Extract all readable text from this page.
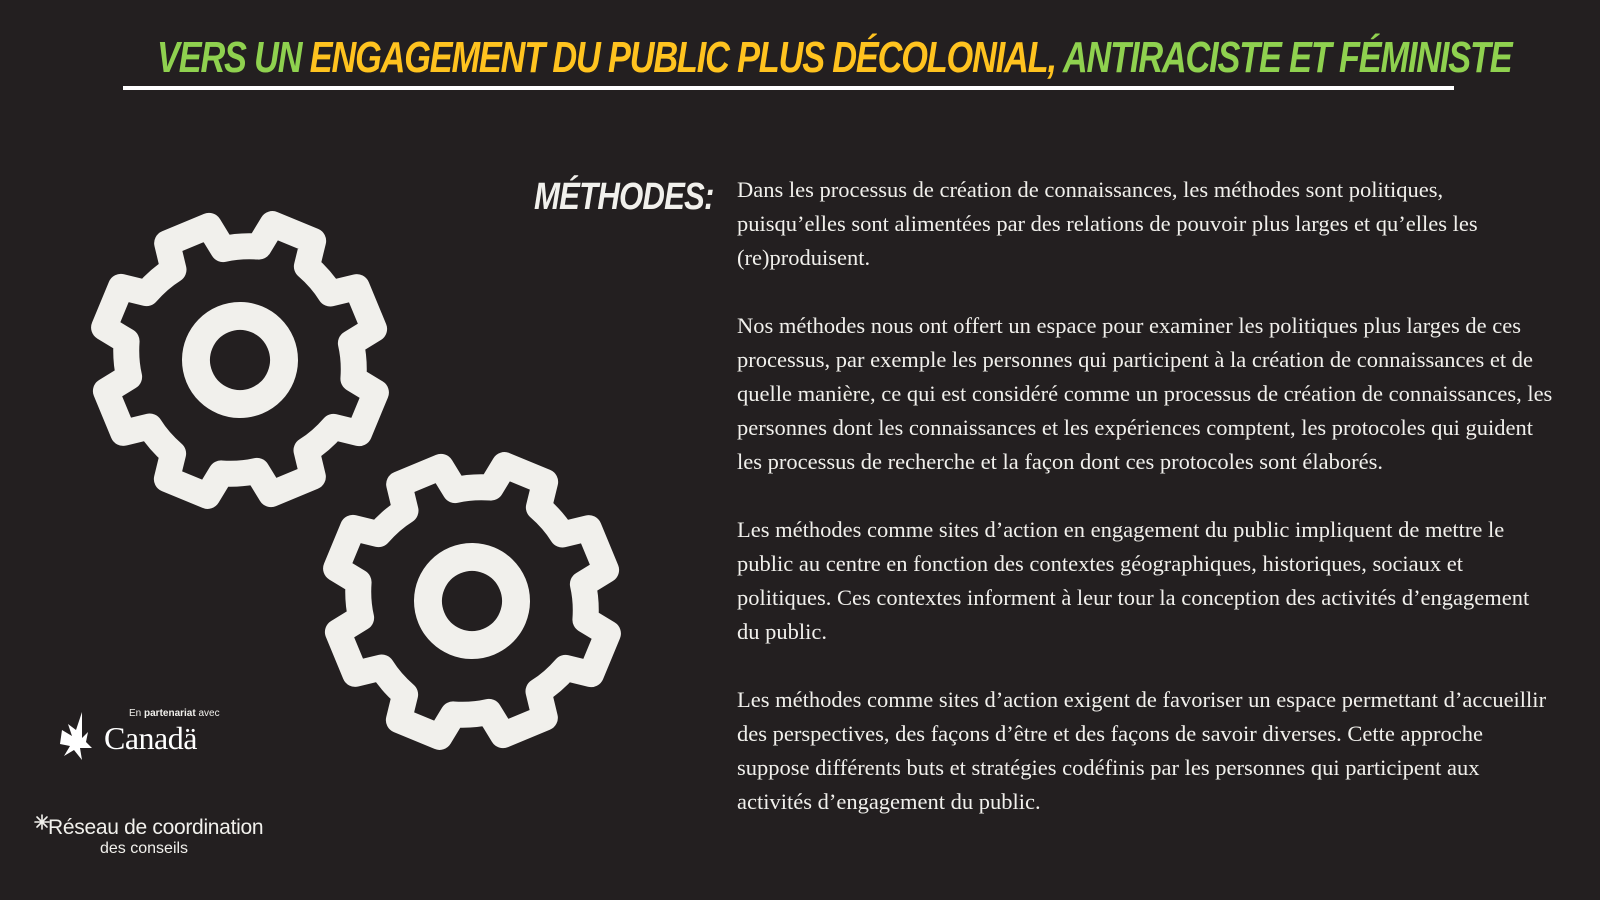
VERS UN ENGAGEMENT DU PUBLIC PLUS DÉCOLONIAL, ANTIRACISTE ET FÉMINISTE
MÉTHODES: Dans les processus de création de connaissances, les méthodes sont politiques, puisqu’elles sont alimentées par des relations de pouvoir plus larges et qu’elles les (re)produisent.

Nos méthodes nous ont offert un espace pour examiner les politiques plus larges de ces processus, par exemple les personnes qui participent à la création de connaissances et de quelle manière, ce qui est considéré comme un processus de création de connaissances, les personnes dont les connaissances et les expériences comptent, les protocoles qui guident les processus de recherche et la façon dont ces protocoles sont élaborés.

Les méthodes comme sites d’action en engagement du public impliquent de mettre le public au centre en fonction des contextes géographiques, historiques, sociaux et politiques. Ces contextes informent à leur tour la conception des activités d’engagement du public.

Les méthodes comme sites d’action exigent de favoriser un espace permettant d’accueillir des perspectives, des façons d’être et des façons de savoir diverses. Cette approche suppose différents buts et stratégies codéfinis par les personnes qui participent aux activités d’engagement du public.

En partenariat avec
Canadä
Réseau de coordination
des conseils
